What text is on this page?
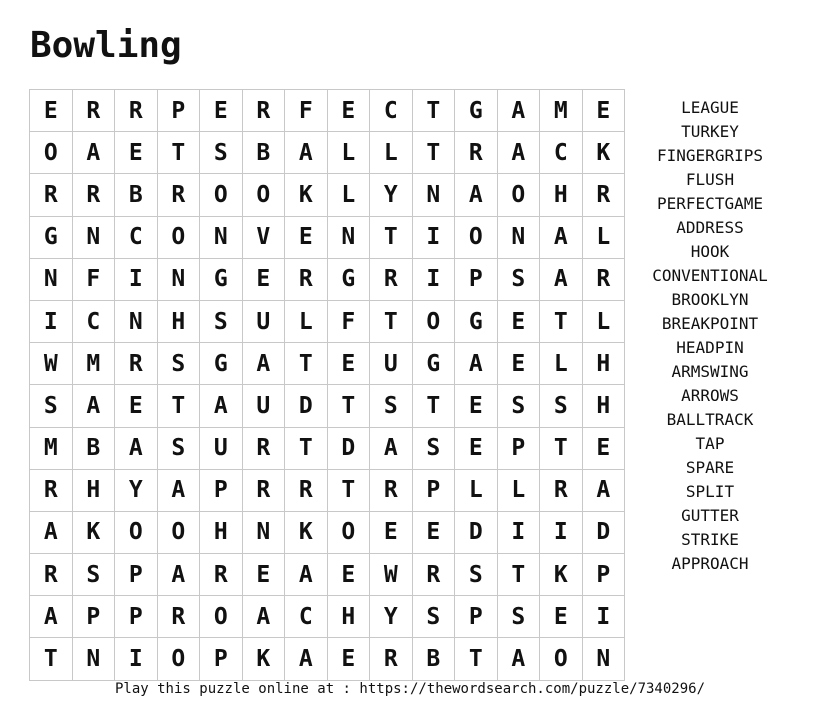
Bowling
E	R	R	P	E	R	F	E	C	T	G	A	M	E
O	A	E	T	S	B	A	L	L	T	R	A	C	K
R	R	B	R	O	O	K	L	Y	N	A	O	H	R
G	N	C	O	N	V	E	N	T	I	O	N	A	L
N	F	I	N	G	E	R	G	R	I	P	S	A	R
I	C	N	H	S	U	L	F	T	O	G	E	T	L
W	M	R	S	G	A	T	E	U	G	A	E	L	H
S	A	E	T	A	U	D	T	S	T	E	S	S	H
M	B	A	S	U	R	T	D	A	S	E	P	T	E
R	H	Y	A	P	R	R	T	R	P	L	L	R	A
A	K	O	O	H	N	K	O	E	E	D	I	I	D
R	S	P	A	R	E	A	E	W	R	S	T	K	P
A	P	P	R	O	A	C	H	Y	S	P	S	E	I
T	N	I	O	P	K	A	E	R	B	T	A	O	N
LEAGUE
TURKEY
FINGERGRIPS
FLUSH
PERFECTGAME
ADDRESS
HOOK
CONVENTIONAL
BROOKLYN
BREAKPOINT
HEADPIN
ARMSWING
ARROWS
BALLTRACK
TAP
SPARE
SPLIT
GUTTER
STRIKE
APPROACH
Play this puzzle online at : https://thewordsearch.com/puzzle/7340296/
